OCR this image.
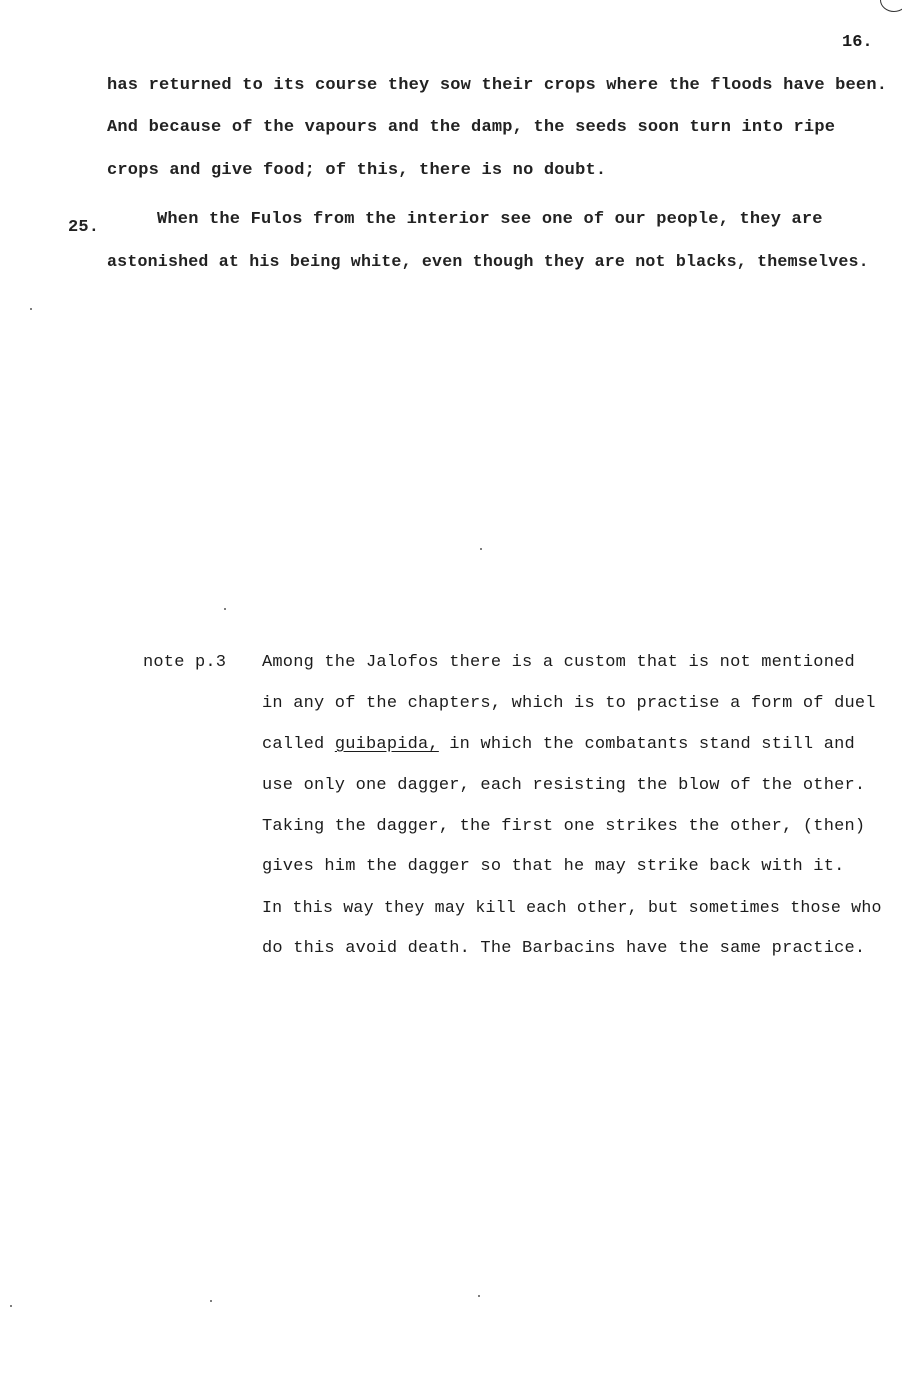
16.
has returned to its course they sow their crops where the floods have been.
And because of the vapours and the damp, the seeds soon turn into ripe
crops and give food; of this, there is no doubt.
25.	When the Fulos from the interior see one of our people, they are
astonished at his being white, even though they are not blacks, themselves.
note p.3 Among the Jalofos there is a custom that is not mentioned
in any of the chapters, which is to practise a form of duel
called guibapida, in which the combatants stand still and
use only one dagger, each resisting the blow of the other.
Taking the dagger, the first one strikes the other, (then)
gives him the dagger so that he may strike back with it.
In this way they may kill each other, but sometimes those who
do this avoid death. The Barbacins have the same practice.
